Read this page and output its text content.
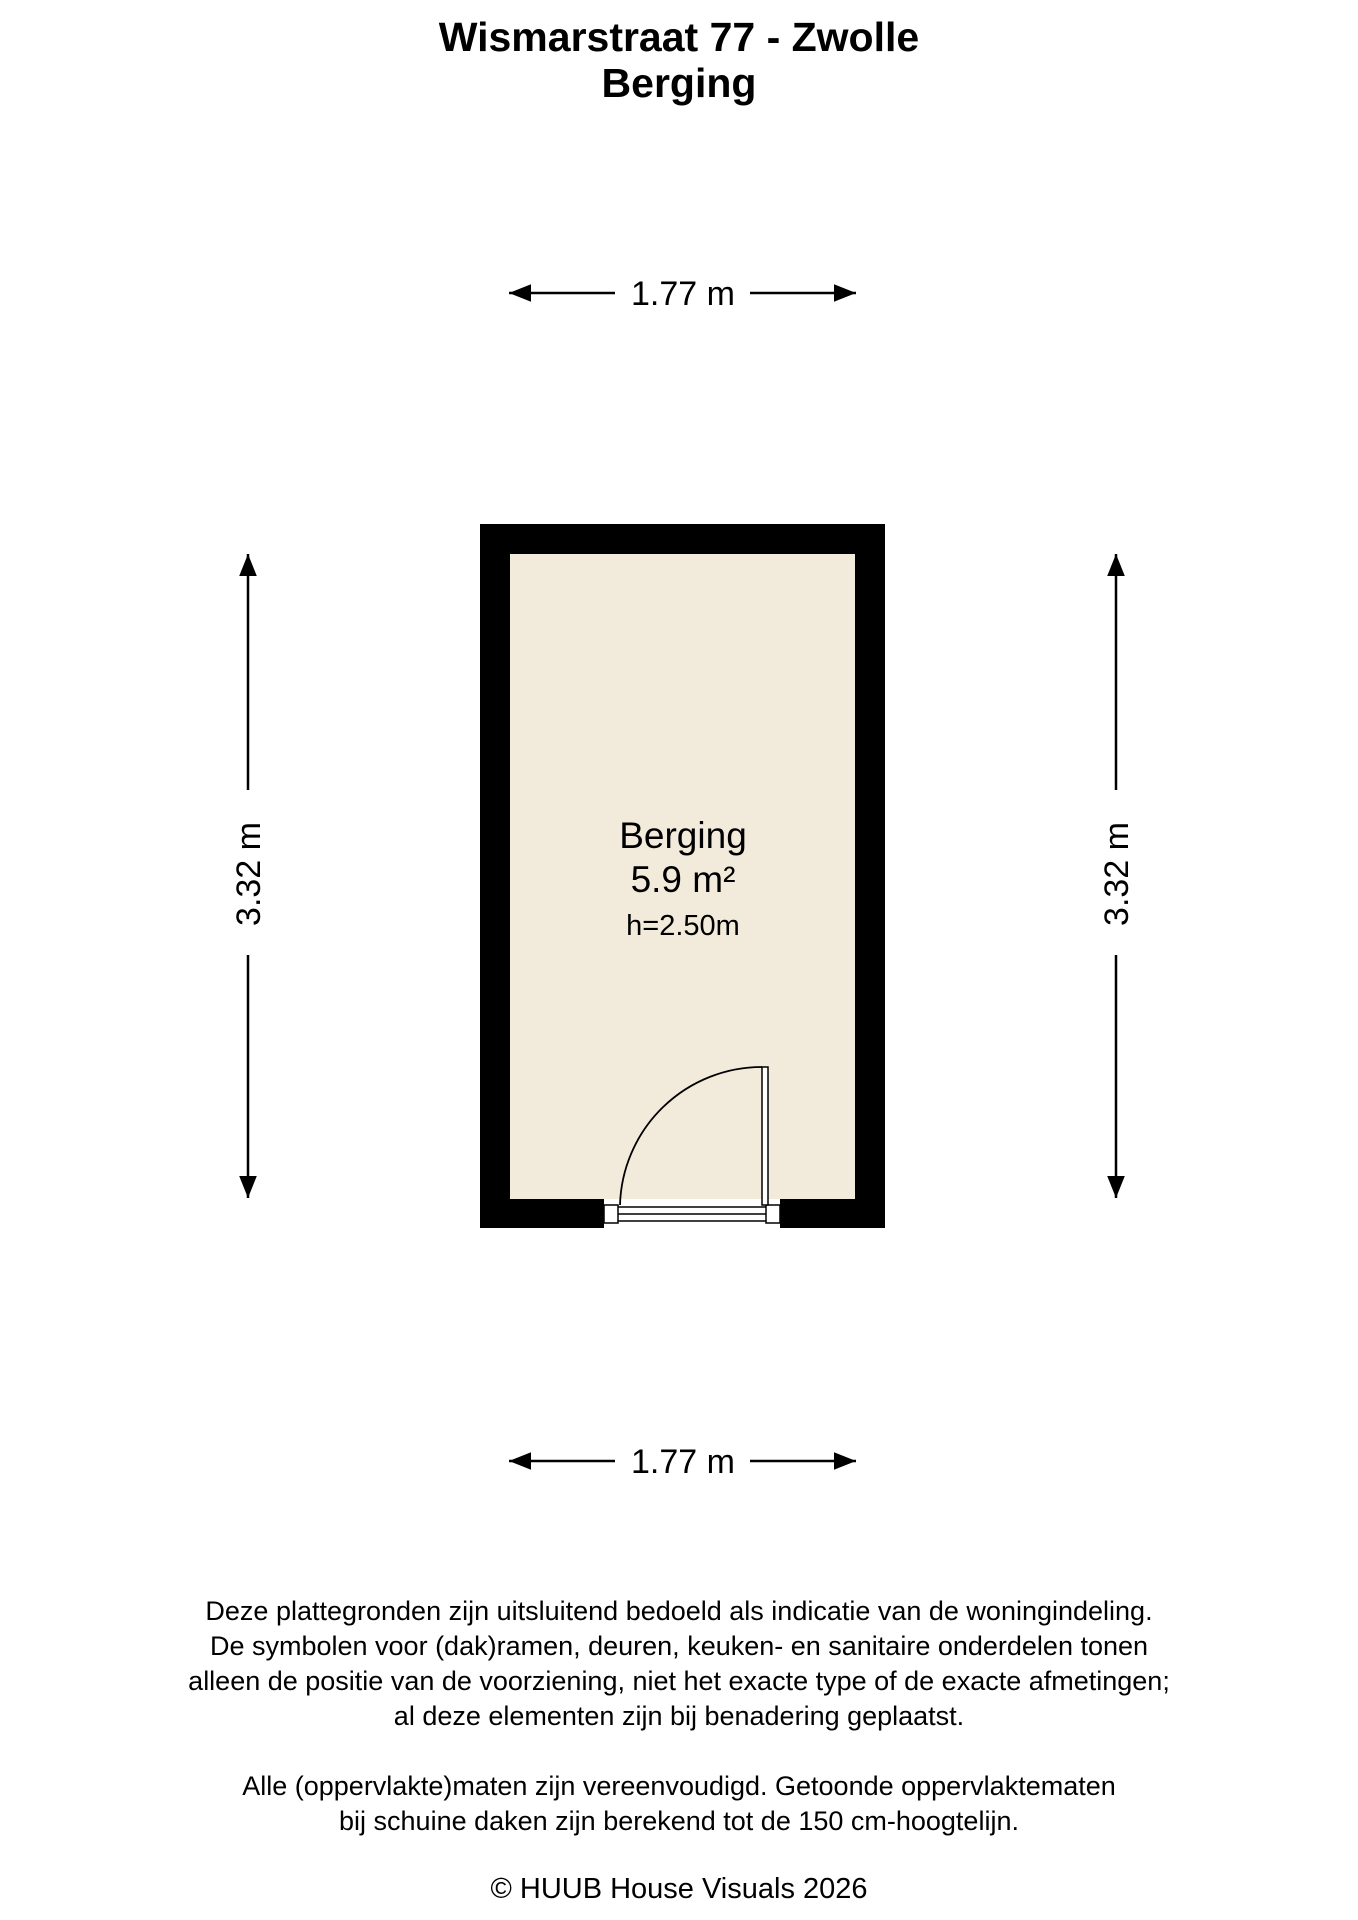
Wismarstraat 77 - Zwolle
Berging
1.77 m
3.32 m	3.32 m
Berging
5.9 m²
h=2.50m
1.77 m

Deze plattegronden zijn uitsluitend bedoeld als indicatie van de woningindeling.

De symbolen voor (dak)ramen, deuren, keuken- en sanitaire onderdelen tonen

alleen de positie van de voorziening, niet het exacte type of de exacte afmetingen;

al deze elementen zijn bij benadering geplaatst.

Alle (oppervlakte)maten zijn vereenvoudigd. Getoonde oppervlaktematen

bij schuine daken zijn berekend tot de 150 cm-hoogtelijn.

© HUUB House Visuals 2026
